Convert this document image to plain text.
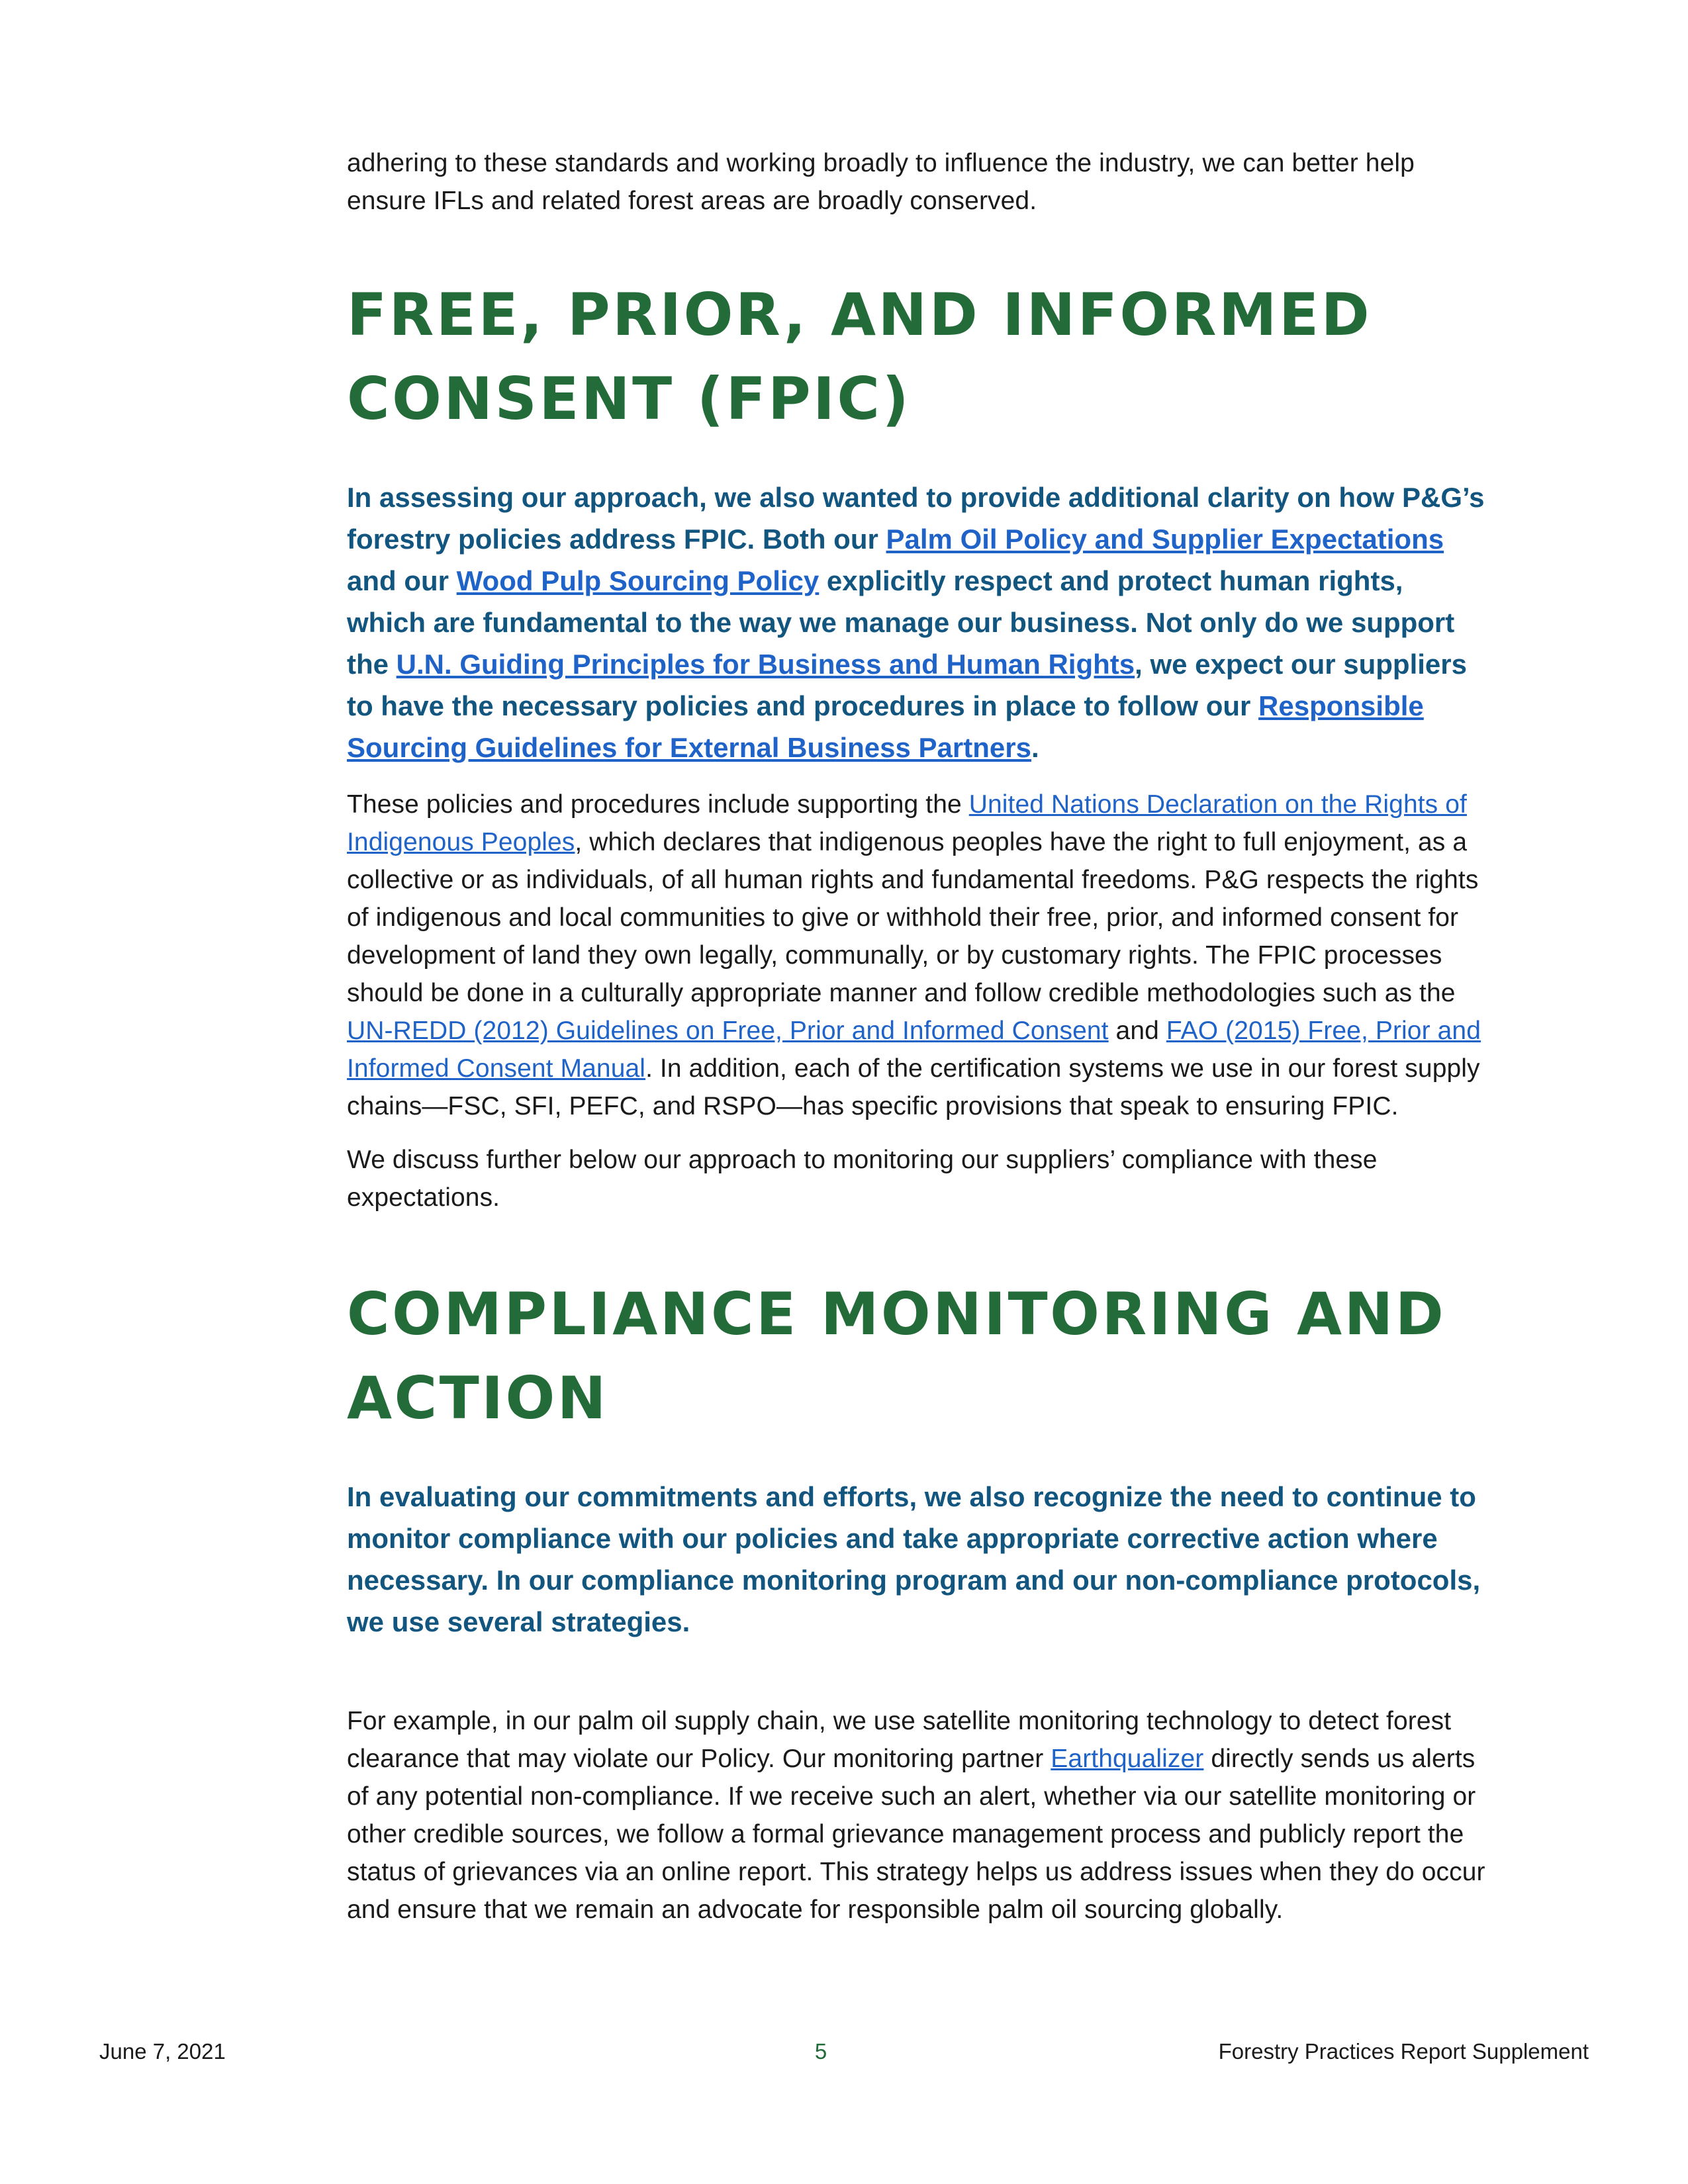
adhering to these standards and working broadly to influence the industry, we can better help ensure IFLs and related forest areas are broadly conserved.

FREE, PRIOR, AND INFORMED CONSENT (FPIC)

In assessing our approach, we also wanted to provide additional clarity on how P&G’s forestry policies address FPIC. Both our Palm Oil Policy and Supplier Expectations and our Wood Pulp Sourcing Policy explicitly respect and protect human rights, which are fundamental to the way we manage our business. Not only do we support the U.N. Guiding Principles for Business and Human Rights, we expect our suppliers to have the necessary policies and procedures in place to follow our Responsible Sourcing Guidelines for External Business Partners.

These policies and procedures include supporting the United Nations Declaration on the Rights of Indigenous Peoples, which declares that indigenous peoples have the right to full enjoyment, as a collective or as individuals, of all human rights and fundamental freedoms. P&G respects the rights of indigenous and local communities to give or withhold their free, prior, and informed consent for development of land they own legally, communally, or by customary rights. The FPIC processes should be done in a culturally appropriate manner and follow credible methodologies such as the UN-REDD (2012) Guidelines on Free, Prior and Informed Consent and FAO (2015) Free, Prior and Informed Consent Manual. In addition, each of the certification systems we use in our forest supply chains—FSC, SFI, PEFC, and RSPO—has specific provisions that speak to ensuring FPIC.

We discuss further below our approach to monitoring our suppliers’ compliance with these expectations.

COMPLIANCE MONITORING AND ACTION

In evaluating our commitments and efforts, we also recognize the need to continue to monitor compliance with our policies and take appropriate corrective action where necessary. In our compliance monitoring program and our non-compliance protocols, we use several strategies.

For example, in our palm oil supply chain, we use satellite monitoring technology to detect forest clearance that may violate our Policy. Our monitoring partner Earthqualizer directly sends us alerts of any potential non-compliance. If we receive such an alert, whether via our satellite monitoring or other credible sources, we follow a formal grievance management process and publicly report the status of grievances via an online report. This strategy helps us address issues when they do occur and ensure that we remain an advocate for responsible palm oil sourcing globally.

June 7, 2021	5	Forestry Practices Report Supplement
